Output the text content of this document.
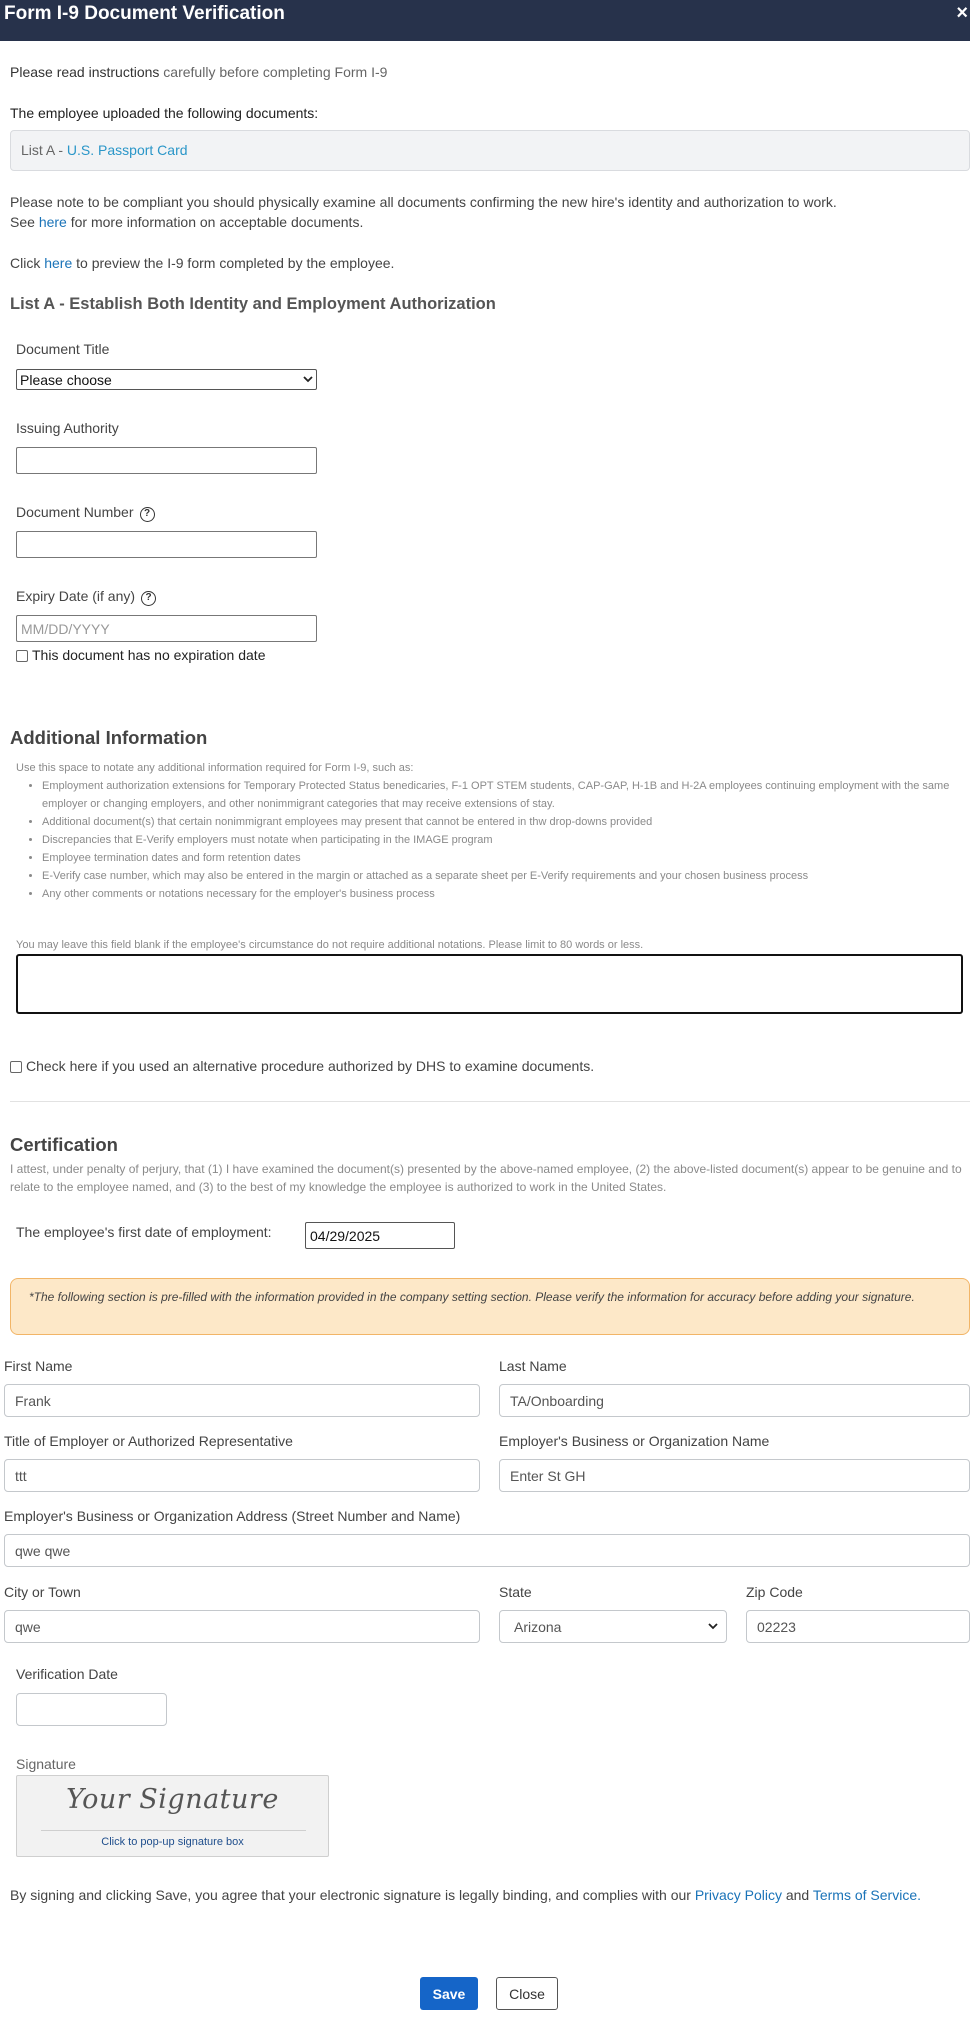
Form I-9 Document Verification	×
Please read instructions carefully before completing Form I-9
The employee uploaded the following documents:
List A - U.S. Passport Card
Please note to be compliant you should physically examine all documents confirming the new hire's identity and authorization to work.
See here for more information on acceptable documents.
Click here to preview the I-9 form completed by the employee.
List A - Establish Both Identity and Employment Authorization
Document Title
Please choose
Issuing Authority
Document Number ?
Expiry Date (if any) ?
MM/DD/YYYY
This document has no expiration date
Additional Information
Use this space to notate any additional information required for Form I-9, such as:
• Employment authorization extensions for Temporary Protected Status benedicaries, F-1 OPT STEM students, CAP-GAP, H-1B and H-2A employees continuing employment with the same employer or changing employers, and other nonimmigrant categories that may receive extensions of stay.
• Additional document(s) that certain nonimmigrant employees may present that cannot be entered in thw drop-downs provided
• Discrepancies that E-Verify employers must notate when participating in the IMAGE program
• Employee termination dates and form retention dates
• E-Verify case number, which may also be entered in the margin or attached as a separate sheet per E-Verify requirements and your chosen business process
• Any other comments or notations necessary for the employer's business process
You may leave this field blank if the employee's circumstance do not require additional notations. Please limit to 80 words or less.
Check here if you used an alternative procedure authorized by DHS to examine documents.
Certification
I attest, under penalty of perjury, that (1) I have examined the document(s) presented by the above-named employee, (2) the above-listed document(s) appear to be genuine and to relate to the employee named, and (3) to the best of my knowledge the employee is authorized to work in the United States.
The employee's first date of employment:
04/29/2025
*The following section is pre-filled with the information provided in the company setting section. Please verify the information for accuracy before adding your signature.
First Name
Frank
Last Name
TA/Onboarding
Title of Employer or Authorized Representative
ttt
Employer's Business or Organization Name
Enter St GH
Employer's Business or Organization Address (Street Number and Name)
qwe qwe
City or Town
qwe
State
Arizona
Zip Code
02223
Verification Date
Signature
Your Signature
Click to pop-up signature box
By signing and clicking Save, you agree that your electronic signature is legally binding, and complies with our Privacy Policy and Terms of Service.
Save	Close
